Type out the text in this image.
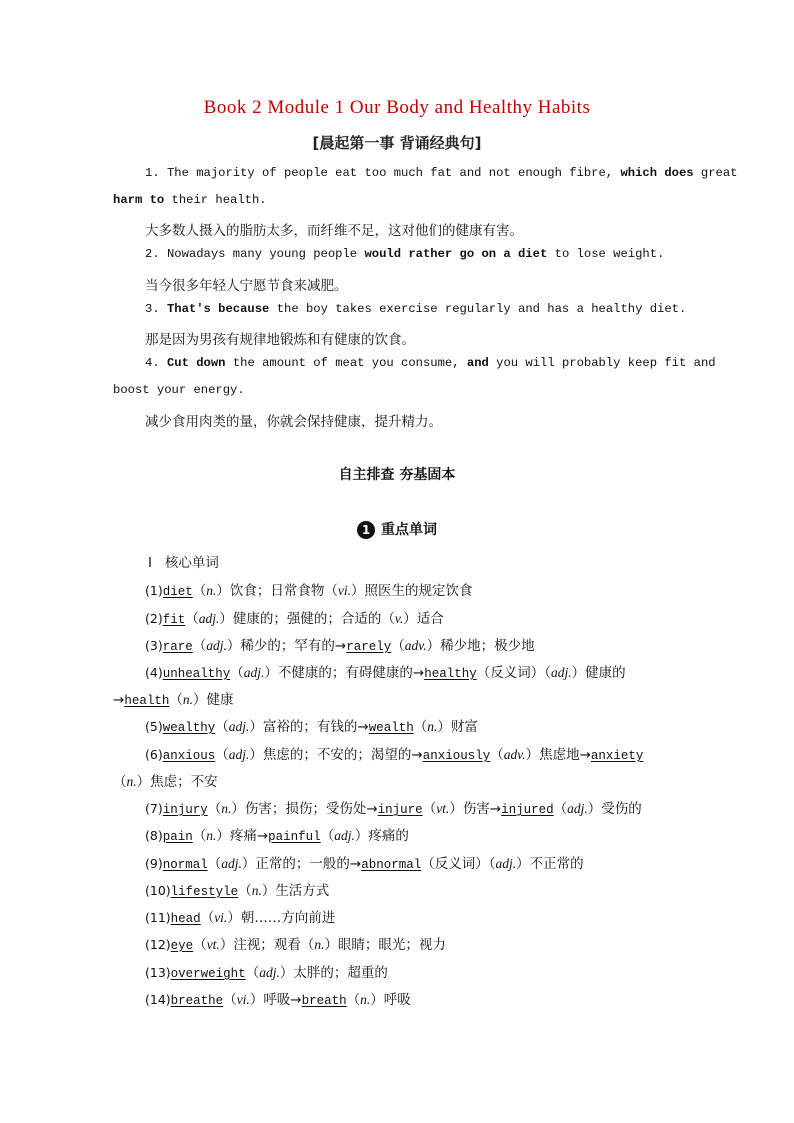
Book 2 Module 1 Our Body and Healthy Habits
[晨起第一事 背诵经典句]
1. The majority of people eat too much fat and not enough fibre, which does great
harm to their health.
大多数人摄入的脂肪太多，而纤维不足，这对他们的健康有害。
2. Nowadays many young people would rather go on a diet to lose weight.
当今很多年轻人宁愿节食来减肥。
3. That's because the boy takes exercise regularly and has a healthy diet.
那是因为男孩有规律地锻炼和有健康的饮食。
4. Cut down the amount of meat you consume, and you will probably keep fit and
boost your energy.
减少食用肉类的量，你就会保持健康，提升精力。
自主排查 夯基固本
1 重点单词
Ⅰ 核心单词
(1)diet（n.）饮食；日常食物（vi.）照医生的规定饮食
(2)fit（adj.）健康的；强健的；合适的（v.）适合
(3)rare（adj.）稀少的；罕有的→rarely（adv.）稀少地；极少地
(4)unhealthy（adj.）不健康的；有碍健康的→healthy（反义词）（adj.）健康的
→health（n.）健康
(5)wealthy（adj.）富裕的；有钱的→wealth（n.）财富
(6)anxious（adj.）焦虑的；不安的；渴望的→anxiously（adv.）焦虑地→anxiety
（n.）焦虑；不安
(7)injury（n.）伤害；损伤；受伤处→injure（vt.）伤害→injured（adj.）受伤的
(8)pain（n.）疼痛→painful（adj.）疼痛的
(9)normal（adj.）正常的；一般的→abnormal（反义词）（adj.）不正常的
(10)lifestyle（n.）生活方式
(11)head（vi.）朝……方向前进
(12)eye（vt.）注视；观看（n.）眼睛；眼光；视力
(13)overweight（adj.）太胖的；超重的
(14)breathe（vi.）呼吸→breath（n.）呼吸
